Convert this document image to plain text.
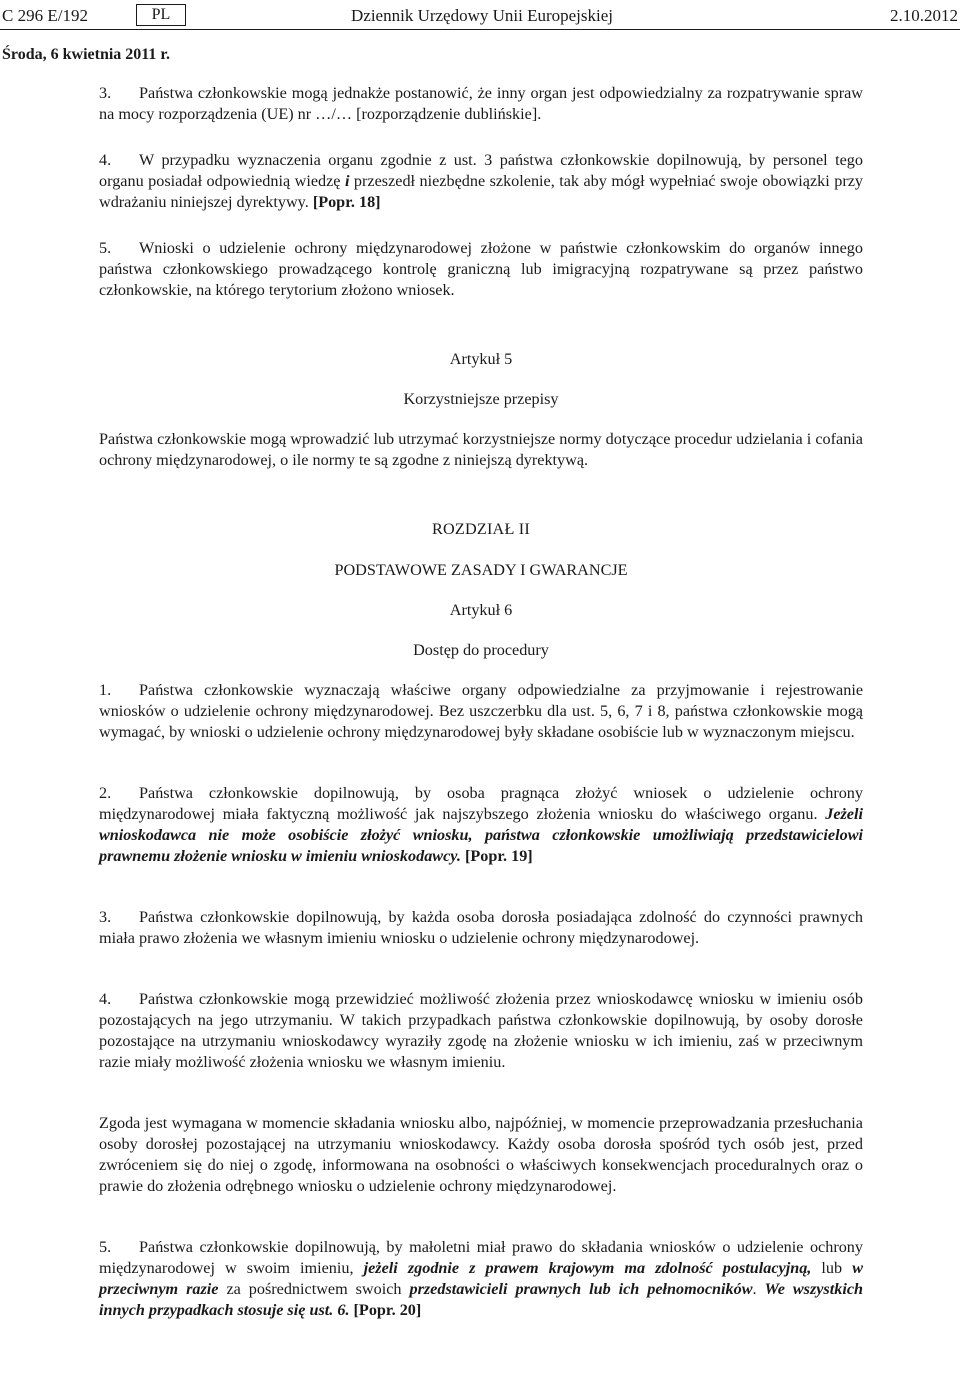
C 296 E/192	PL	Dziennik Urzędowy Unii Europejskiej	2.10.2012
Środa, 6 kwietnia 2011 r.

3. Państwa członkowskie mogą jednakże postanowić, że inny organ jest odpowiedzialny za rozpatrywanie spraw na mocy rozporządzenia (UE) nr …/… [rozporządzenie dublińskie].

4. W przypadku wyznaczenia organu zgodnie z ust. 3 państwa członkowskie dopilnowują, by personel tego organu posiadał odpowiednią wiedzę i przeszedł niezbędne szkolenie, tak aby mógł wypełniać swoje obowiązki przy wdrażaniu niniejszej dyrektywy. [Popr. 18]

5. Wnioski o udzielenie ochrony międzynarodowej złożone w państwie członkowskim do organów innego państwa członkowskiego prowadzącego kontrolę graniczną lub imigracyjną rozpatrywane są przez państwo członkowskie, na którego terytorium złożono wniosek.

Artykuł 5

Korzystniejsze przepisy

Państwa członkowskie mogą wprowadzić lub utrzymać korzystniejsze normy dotyczące procedur udzielania i cofania ochrony międzynarodowej, o ile normy te są zgodne z niniejszą dyrektywą.

ROZDZIAŁ II

PODSTAWOWE ZASADY I GWARANCJE

Artykuł 6

Dostęp do procedury

1. Państwa członkowskie wyznaczają właściwe organy odpowiedzialne za przyjmowanie i rejestrowanie wniosków o udzielenie ochrony międzynarodowej. Bez uszczerbku dla ust. 5, 6, 7 i 8, państwa członkowskie mogą wymagać, by wnioski o udzielenie ochrony międzynarodowej były składane osobiście lub w wyznaczonym miejscu.

2. Państwa członkowskie dopilnowują, by osoba pragnąca złożyć wniosek o udzielenie ochrony międzynarodowej miała faktyczną możliwość jak najszybszego złożenia wniosku do właściwego organu. Jeżeli wnioskodawca nie może osobiście złożyć wniosku, państwa członkowskie umożliwiają przedstawicielowi prawnemu złożenie wniosku w imieniu wnioskodawcy. [Popr. 19]

3. Państwa członkowskie dopilnowują, by każda osoba dorosła posiadająca zdolność do czynności prawnych miała prawo złożenia we własnym imieniu wniosku o udzielenie ochrony międzynarodowej.

4. Państwa członkowskie mogą przewidzieć możliwość złożenia przez wnioskodawcę wniosku w imieniu osób pozostających na jego utrzymaniu. W takich przypadkach państwa członkowskie dopilnowują, by osoby dorosłe pozostające na utrzymaniu wnioskodawcy wyraziły zgodę na złożenie wniosku w ich imieniu, zaś w przeciwnym razie miały możliwość złożenia wniosku we własnym imieniu.

Zgoda jest wymagana w momencie składania wniosku albo, najpóźniej, w momencie przeprowadzania przesłuchania osoby dorosłej pozostającej na utrzymaniu wnioskodawcy. Każdy osoba dorosła spośród tych osób jest, przed zwróceniem się do niej o zgodę, informowana na osobności o właściwych konsekwencjach proceduralnych oraz o prawie do złożenia odrębnego wniosku o udzielenie ochrony międzynarodowej.

5. Państwa członkowskie dopilnowują, by małoletni miał prawo do składania wniosków o udzielenie ochrony międzynarodowej w swoim imieniu, jeżeli zgodnie z prawem krajowym ma zdolność postulacyjną, lub w przeciwnym razie za pośrednictwem swoich przedstawicieli prawnych lub ich pełnomocników. We wszystkich innych przypadkach stosuje się ust. 6. [Popr. 20]
